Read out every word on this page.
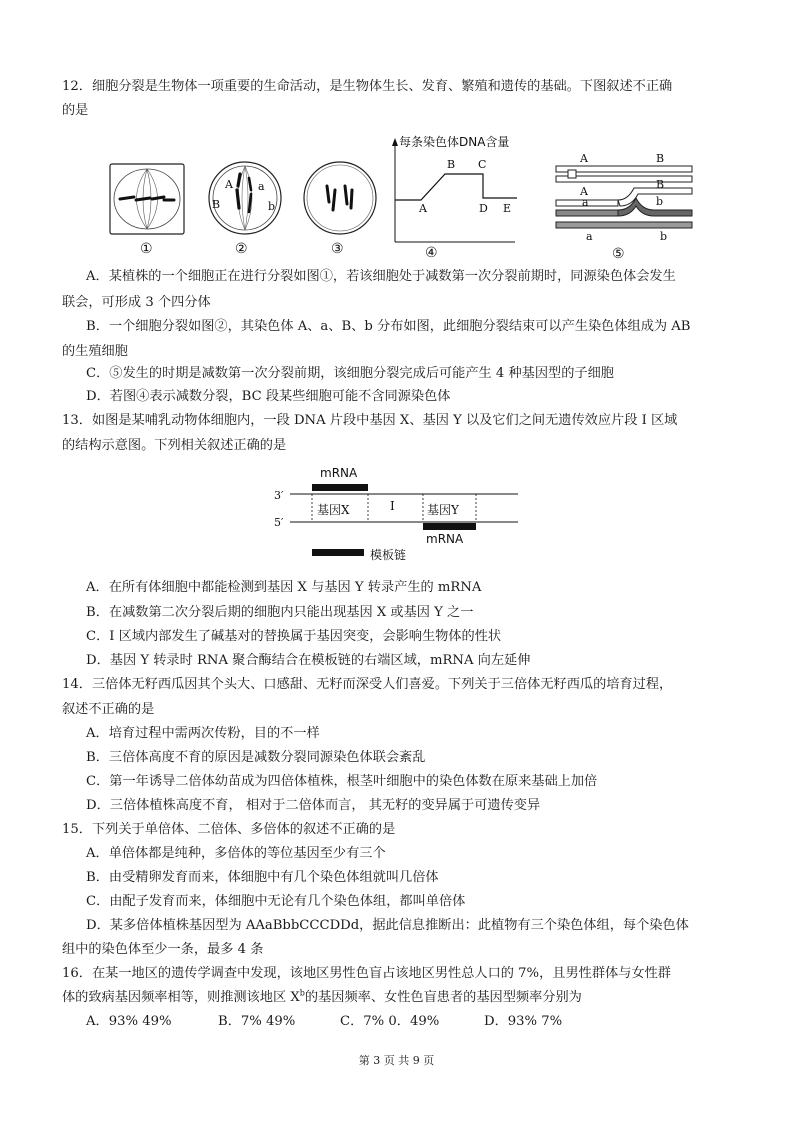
12．细胞分裂是生物体一项重要的生命活动，是生物体生长、发育、繁殖和遗传的基础。下图叙述不正确
的是
①
A a
B	b
②	③
每条染色体DNA含量
A
B C
D E
④
A	B
A
B
a	b
a	b
⑤
A．某植株的一个细胞正在进行分裂如图①，若该细胞处于减数第一次分裂前期时，同源染色体会发生
联会，可形成 3 个四分体
B．一个细胞分裂如图②，其染色体 A、a、B、b 分布如图，此细胞分裂结束可以产生染色体组成为 AB
的生殖细胞
C．⑤发生的时期是减数第一次分裂前期，该细胞分裂完成后可能产生 4 种基因型的子细胞
D．若图④表示减数分裂，BC 段某些细胞可能不含同源染色体
13．如图是某哺乳动物体细胞内，一段 DNA 片段中基因 X、基因 Y 以及它们之间无遗传效应片段 I 区域
的结构示意图。下列相关叙述正确的是
mRNA
3′
5′
基因X	I	基因Y
mRNA
模板链
A．在所有体细胞中都能检测到基因 X 与基因 Y 转录产生的 mRNA
B．在减数第二次分裂后期的细胞内只能出现基因 X 或基因 Y 之一
C．I 区域内部发生了碱基对的替换属于基因突变，会影响生物体的性状
D．基因 Y 转录时 RNA 聚合酶结合在模板链的右端区域，mRNA 向左延伸
14．三倍体无籽西瓜因其个头大、口感甜、无籽而深受人们喜爱。下列关于三倍体无籽西瓜的培育过程，
叙述不正确的是
A．培育过程中需两次传粉，目的不一样
B．三倍体高度不育的原因是减数分裂同源染色体联会紊乱
C．第一年诱导二倍体幼苗成为四倍体植株，根茎叶细胞中的染色体数在原来基础上加倍
D．三倍体植株高度不育， 相对于二倍体而言， 其无籽的变异属于可遗传变异
15．下列关于单倍体、二倍体、多倍体的叙述不正确的是
A．单倍体都是纯种，多倍体的等位基因至少有三个
B．由受精卵发育而来，体细胞中有几个染色体组就叫几倍体
C．由配子发育而来，体细胞中无论有几个染色体组，都叫单倍体
D．某多倍体植株基因型为 AAaBbbCCCDDd，据此信息推断出：此植物有三个染色体组，每个染色体
组中的染色体至少一条，最多 4 条
16．在某一地区的遗传学调查中发现，该地区男性色盲占该地区男性总人口的 7%，且男性群体与女性群
体的致病基因频率相等，则推测该地区 $X^b$的基因频率、女性色盲患者的基因型频率分别为
A．93% 49%	B．7% 49%	C．7% 0．49%	D．93% 7%
第 3 页 共 9 页
